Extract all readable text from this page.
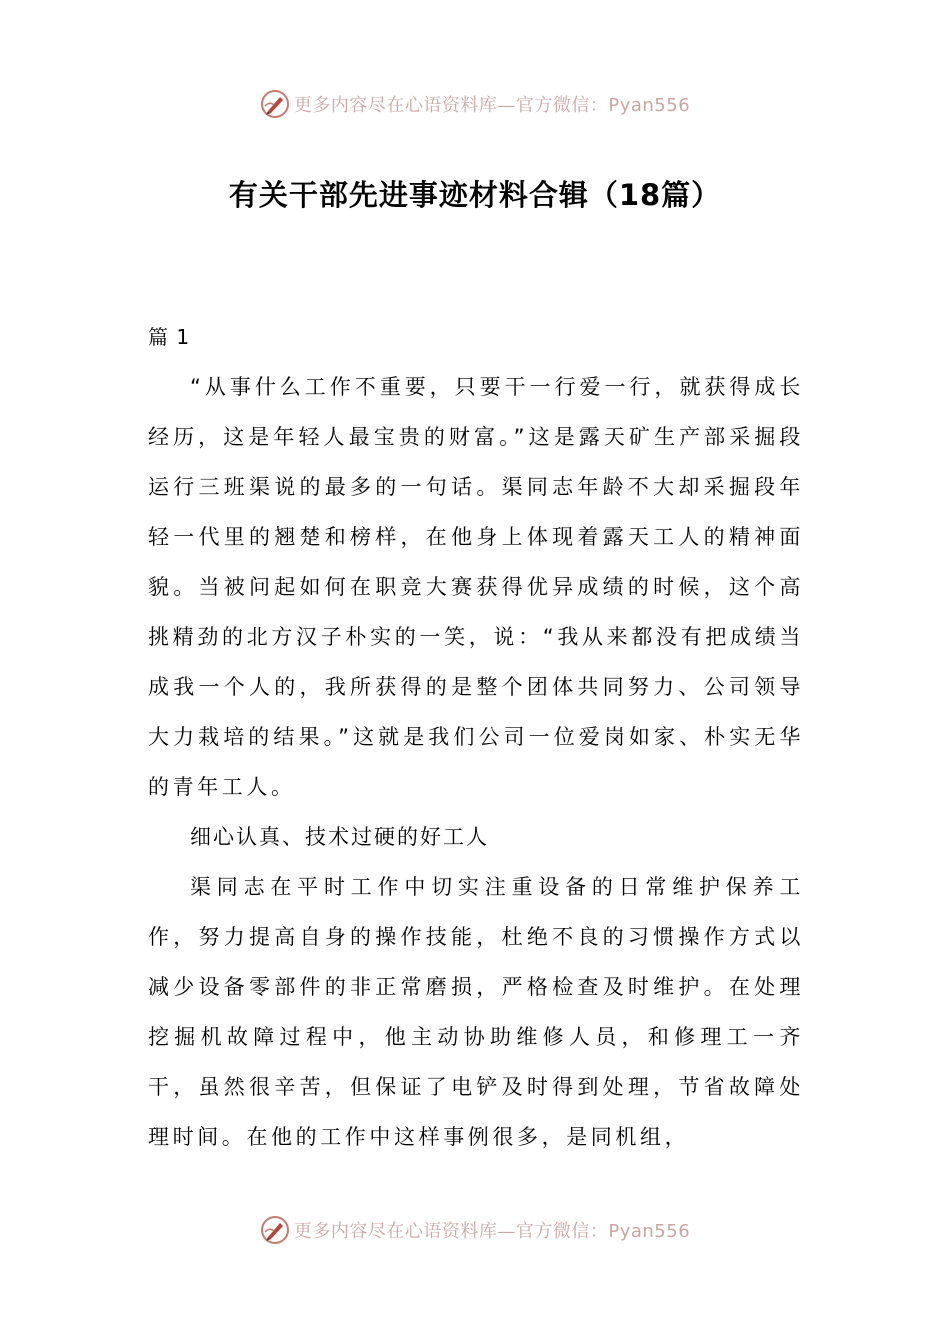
更多内容尽在心语资料库—官方微信：Pyan556
有关干部先进事迹材料合辑（18篇）

篇 1

“从事什么工作不重要，只要干一行爱一行，就获得成长经历，这是年轻人最宝贵的财富。”这是露天矿生产部采掘段运行三班渠说的最多的一句话。渠同志年龄不大却采掘段年轻一代里的翘楚和榜样，在他身上体现着露天工人的精神面貌。当被问起如何在职竞大赛获得优异成绩的时候，这个高挑精劲的北方汉子朴实的一笑，说：“我从来都没有把成绩当成我一个人的，我所获得的是整个团体共同努力、公司领导大力栽培的结果。”这就是我们公司一位爱岗如家、朴实无华的青年工人。

细心认真、技术过硬的好工人

渠同志在平时工作中切实注重设备的日常维护保养工作，努力提高自身的操作技能，杜绝不良的习惯操作方式以减少设备零部件的非正常磨损，严格检查及时维护。在处理挖掘机故障过程中，他主动协助维修人员，和修理工一齐干，虽然很辛苦，但保证了电铲及时得到处理，节省故障处理时间。在他的工作中这样事例很多，是同机组，

更多内容尽在心语资料库—官方微信：Pyan556
